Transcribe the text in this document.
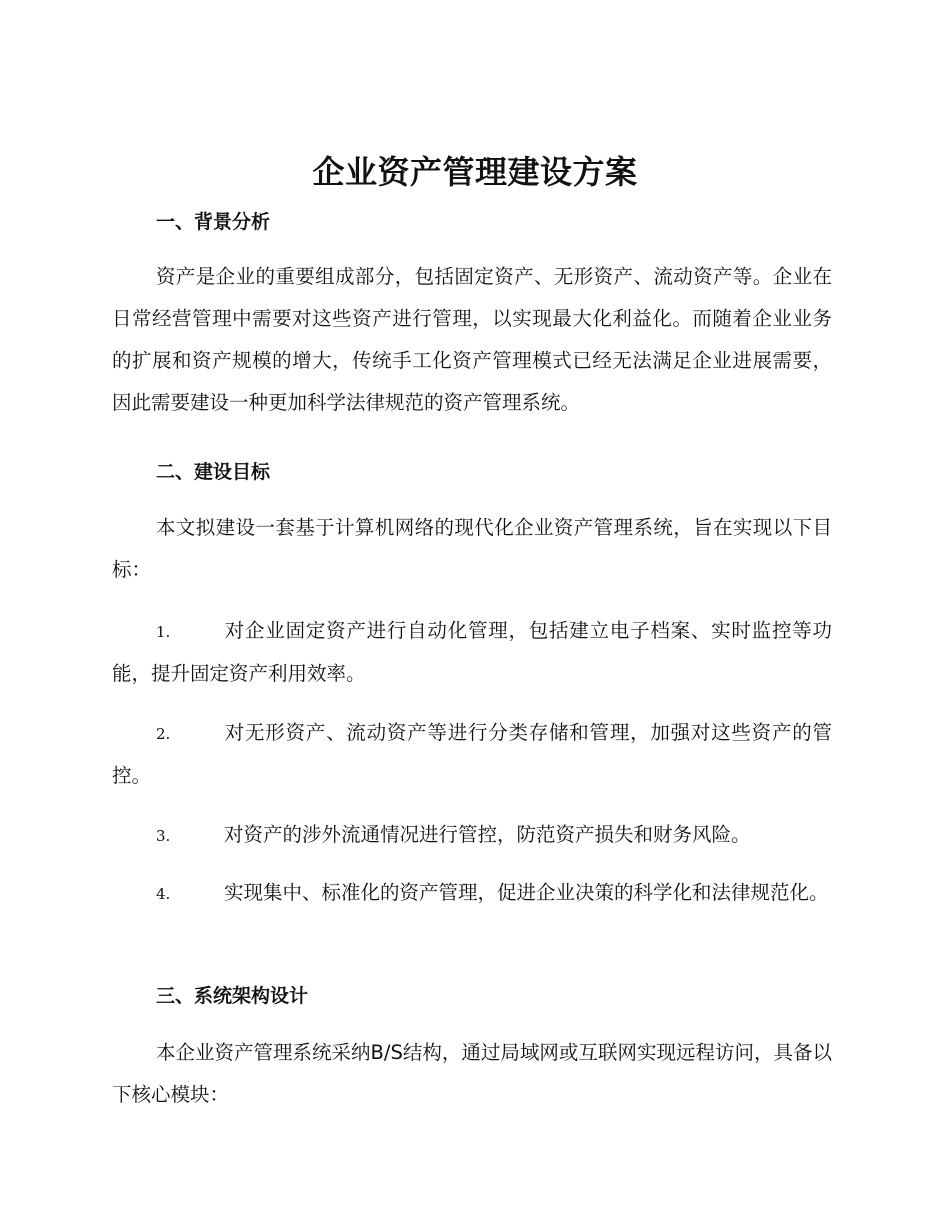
企业资产管理建设方案
一、背景分析
资产是企业的重要组成部分，包括固定资产、无形资产、流动资产等。企业在日常经营管理中需要对这些资产进行管理，以实现最大化利益化。而随着企业业务的扩展和资产规模的增大，传统手工化资产管理模式已经无法满足企业进展需要，因此需要建设一种更加科学法律规范的资产管理系统。
二、建设目标
本文拟建设一套基于计算机网络的现代化企业资产管理系统，旨在实现以下目标：
1.	对企业固定资产进行自动化管理，包括建立电子档案、实时监控等功能，提升固定资产利用效率。
2.	对无形资产、流动资产等进行分类存储和管理，加强对这些资产的管控。
3.	对资产的涉外流通情况进行管控，防范资产损失和财务风险。
4.	实现集中、标准化的资产管理，促进企业决策的科学化和法律规范化。
三、系统架构设计
本企业资产管理系统采纳B/S结构，通过局域网或互联网实现远程访问，具备以下核心模块：
